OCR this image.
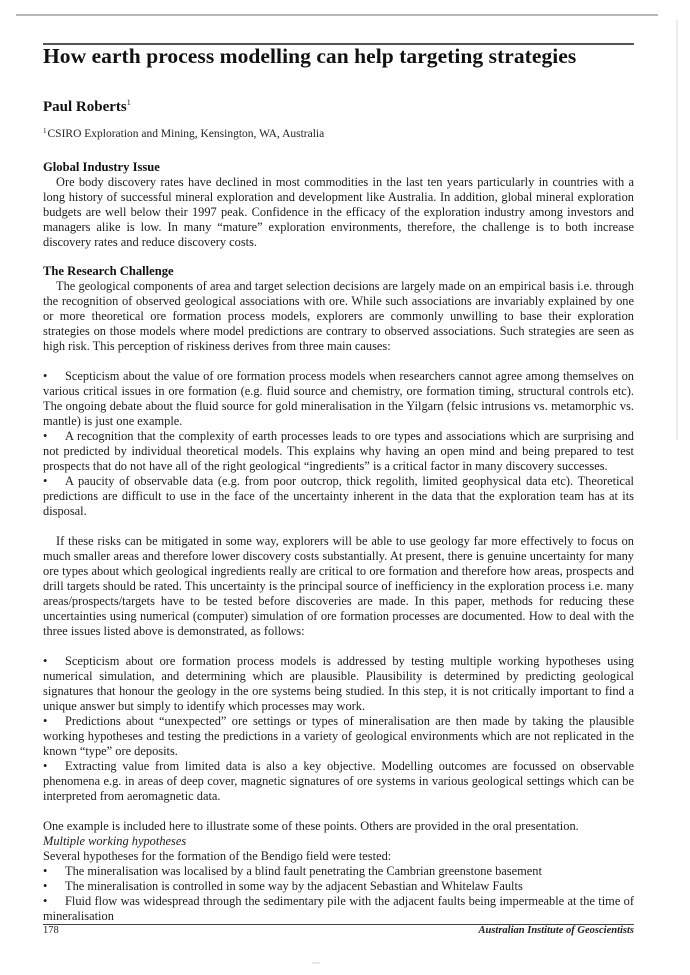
How earth process modelling can help targeting strategies
Paul Roberts$^1$
$^1$CSIRO Exploration and Mining, Kensington, WA, Australia
Global Industry Issue

Ore body discovery rates have declined in most commodities in the last ten years particularly in countries with a long history of successful mineral exploration and development like Australia. In addition, global mineral exploration budgets are well below their 1997 peak. Confidence in the efficacy of the exploration industry among investors and managers alike is low. In many “mature” exploration environments, therefore, the challenge is to both increase discovery rates and reduce discovery costs.

The Research Challenge

The geological components of area and target selection decisions are largely made on an empirical basis i.e. through the recognition of observed geological associations with ore. While such associations are invariably explained by one or more theoretical ore formation process models, explorers are commonly unwilling to base their exploration strategies on those models where model predictions are contrary to observed associations. Such strategies are seen as high risk. This perception of riskiness derives from three main causes:

• Scepticism about the value of ore formation process models when researchers cannot agree among themselves on various critical issues in ore formation (e.g. fluid source and chemistry, ore formation timing, structural controls etc). The ongoing debate about the fluid source for gold mineralisation in the Yilgarn (felsic intrusions vs. metamorphic vs. mantle) is just one example.

• A recognition that the complexity of earth processes leads to ore types and associations which are surprising and not predicted by individual theoretical models. This explains why having an open mind and being prepared to test prospects that do not have all of the right geological “ingredients” is a critical factor in many discovery successes.

• A paucity of observable data (e.g. from poor outcrop, thick regolith, limited geophysical data etc). Theoretical predictions are difficult to use in the face of the uncertainty inherent in the data that the exploration team has at its disposal.

If these risks can be mitigated in some way, explorers will be able to use geology far more effectively to focus on much smaller areas and therefore lower discovery costs substantially. At present, there is genuine uncertainty for many ore types about which geological ingredients really are critical to ore formation and therefore how areas, prospects and drill targets should be rated. This uncertainty is the principal source of inefficiency in the exploration process i.e. many areas/prospects/targets have to be tested before discoveries are made. In this paper, methods for reducing these uncertainties using numerical (computer) simulation of ore formation processes are documented. How to deal with the three issues listed above is demonstrated, as follows:

• Scepticism about ore formation process models is addressed by testing multiple working hypotheses using numerical simulation, and determining which are plausible. Plausibility is determined by predicting geological signatures that honour the geology in the ore systems being studied. In this step, it is not critically important to find a unique answer but simply to identify which processes may work.

• Predictions about “unexpected” ore settings or types of mineralisation are then made by taking the plausible working hypotheses and testing the predictions in a variety of geological environments which are not replicated in the known “type” ore deposits.

• Extracting value from limited data is also a key objective. Modelling outcomes are focussed on observable phenomena e.g. in areas of deep cover, magnetic signatures of ore systems in various geological settings which can be interpreted from aeromagnetic data.

One example is included here to illustrate some of these points. Others are provided in the oral presentation.

Multiple working hypotheses

Several hypotheses for the formation of the Bendigo field were tested:

• The mineralisation was localised by a blind fault penetrating the Cambrian greenstone basement

• The mineralisation is controlled in some way by the adjacent Sebastian and Whitelaw Faults

• Fluid flow was widespread through the sedimentary pile with the adjacent faults being impermeable at the time of mineralisation

178	Australian Institute of Geoscientists
